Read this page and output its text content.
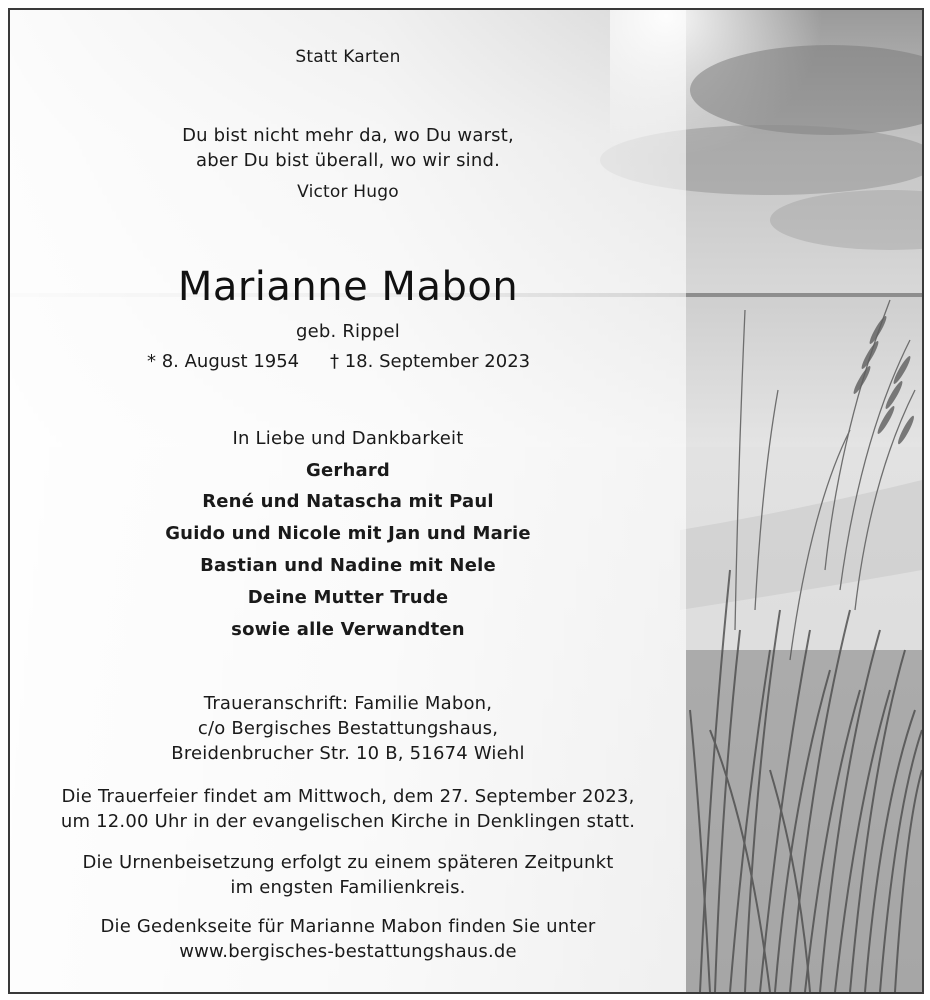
Statt Karten
Du bist nicht mehr da, wo Du warst,
aber Du bist überall, wo wir sind.
Victor Hugo
Marianne Mabon
geb. Rippel
* 8. August 1954 † 18. September 2023
In Liebe und Dankbarkeit
Gerhard
René und Natascha mit Paul
Guido und Nicole mit Jan und Marie
Bastian und Nadine mit Nele
Deine Mutter Trude
sowie alle Verwandten
Traueranschrift: Familie Mabon,
c/o Bergisches Bestattungshaus,
Breidenbrucher Str. 10 B, 51674 Wiehl
Die Trauerfeier findet am Mittwoch, dem 27. September 2023,
um 12.00 Uhr in der evangelischen Kirche in Denklingen statt.
Die Urnenbeisetzung erfolgt zu einem späteren Zeitpunkt
im engsten Familienkreis.
Die Gedenkseite für Marianne Mabon finden Sie unter
www.bergisches-bestattungshaus.de
